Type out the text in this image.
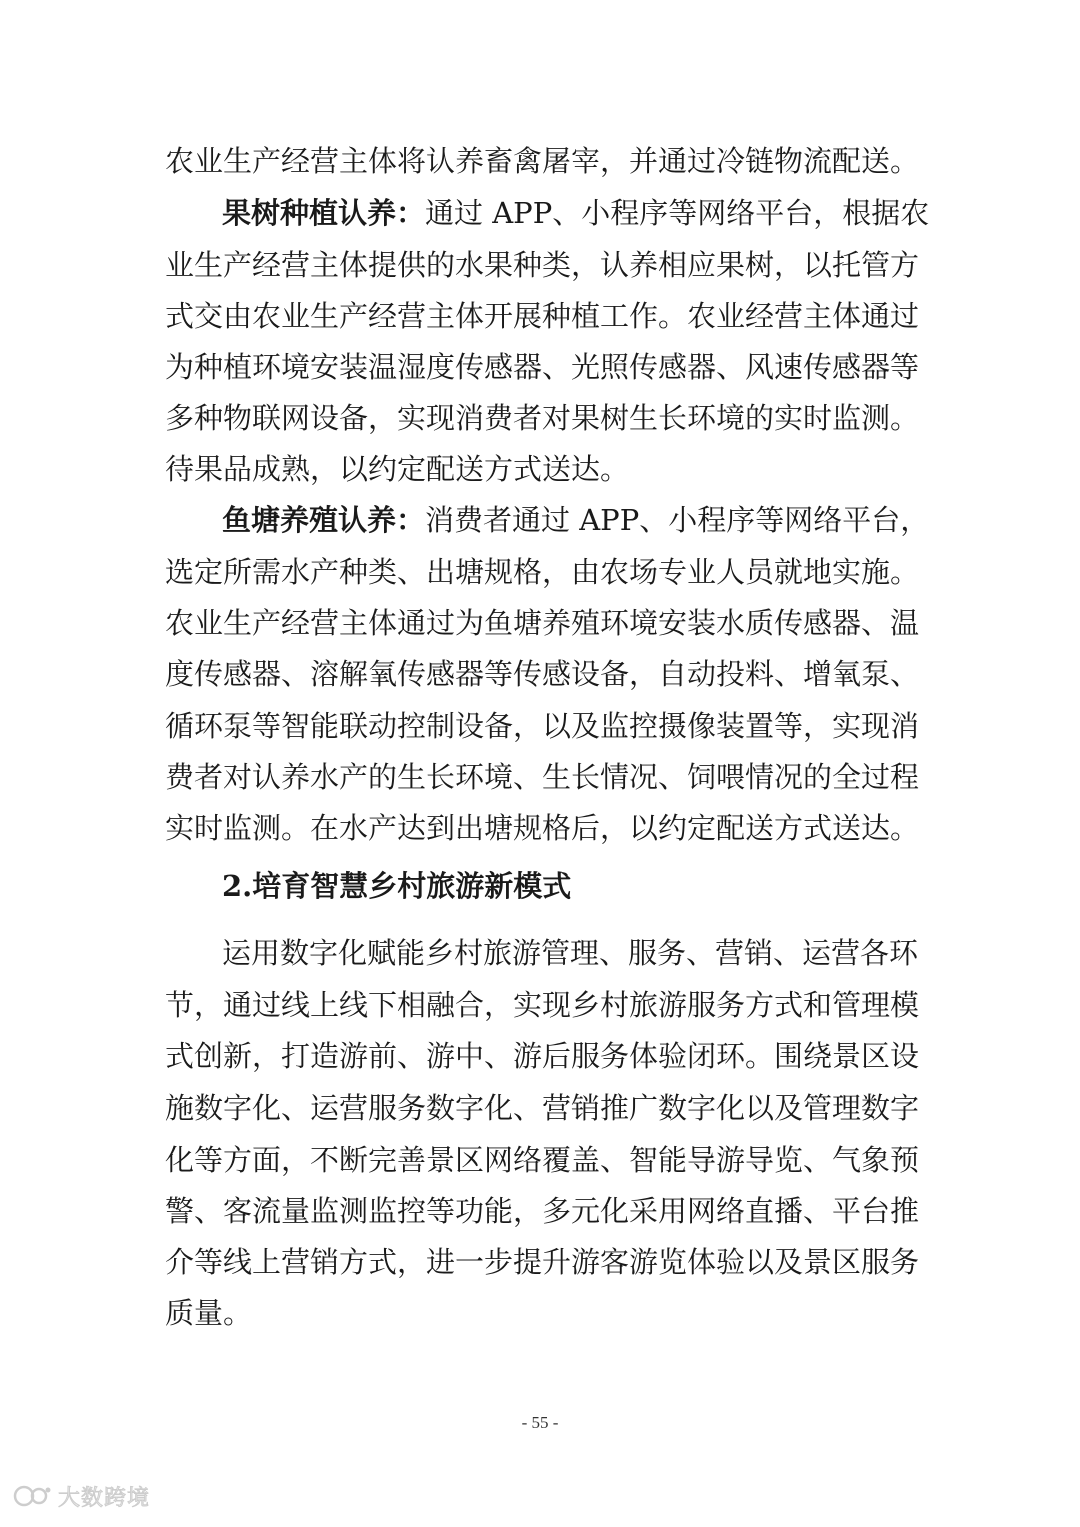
农业生产经营主体将认养畜禽屠宰，并通过冷链物流配送。
果树种植认养：通过 APP、小程序等网络平台，根据农
业生产经营主体提供的水果种类，认养相应果树，以托管方
式交由农业生产经营主体开展种植工作。农业经营主体通过
为种植环境安装温湿度传感器、光照传感器、风速传感器等
多种物联网设备，实现消费者对果树生长环境的实时监测。
待果品成熟，以约定配送方式送达。
鱼塘养殖认养：消费者通过 APP、小程序等网络平台，
选定所需水产种类、出塘规格，由农场专业人员就地实施。
农业生产经营主体通过为鱼塘养殖环境安装水质传感器、温
度传感器、溶解氧传感器等传感设备，自动投料、增氧泵、
循环泵等智能联动控制设备，以及监控摄像装置等，实现消
费者对认养水产的生长环境、生长情况、饲喂情况的全过程
实时监测。在水产达到出塘规格后，以约定配送方式送达。
2.培育智慧乡村旅游新模式
运用数字化赋能乡村旅游管理、服务、营销、运营各环
节，通过线上线下相融合，实现乡村旅游服务方式和管理模
式创新，打造游前、游中、游后服务体验闭环。围绕景区设
施数字化、运营服务数字化、营销推广数字化以及管理数字
化等方面，不断完善景区网络覆盖、智能导游导览、气象预
警、客流量监测监控等功能，多元化采用网络直播、平台推
介等线上营销方式，进一步提升游客游览体验以及景区服务
质量。
- 55 -
大数跨境
